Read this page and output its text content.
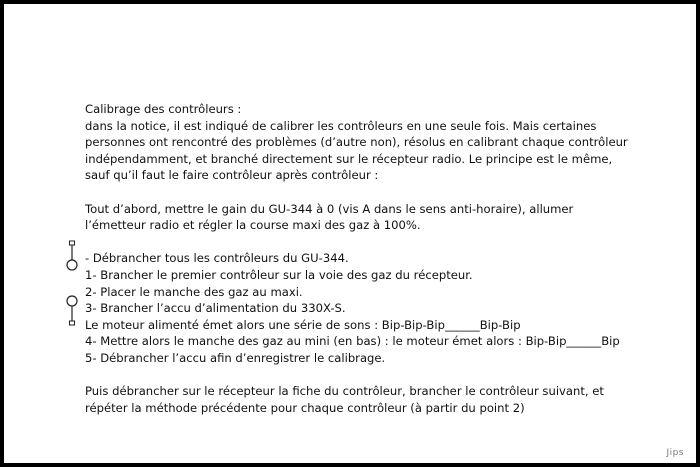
Calibrage des contrôleurs :

dans la notice, il est indiqué de calibrer les contrôleurs en une seule fois. Mais certaines

personnes ont rencontré des problèmes (d’autre non), résolus en calibrant chaque contrôleur

indépendamment, et branché directement sur le récepteur radio. Le principe est le même,

sauf qu’il faut le faire contrôleur après contrôleur :

Tout d’abord, mettre le gain du GU-344 à 0 (vis A dans le sens anti-horaire), allumer

l’émetteur radio et régler la course maxi des gaz à 100%.

- Débrancher tous les contrôleurs du GU-344.

1- Brancher le premier contrôleur sur la voie des gaz du récepteur.

2- Placer le manche des gaz au maxi.

3- Brancher l’accu d’alimentation du 330X-S.

Le moteur alimenté émet alors une série de sons : Bip-Bip-Bip______Bip-Bip

4- Mettre alors le manche des gaz au mini (en bas) : le moteur émet alors : Bip-Bip______Bip

5- Débrancher l’accu afin d’enregistrer le calibrage.

Puis débrancher sur le récepteur la fiche du contrôleur, brancher le contrôleur suivant, et

répéter la méthode précédente pour chaque contrôleur (à partir du point 2)

Jips
